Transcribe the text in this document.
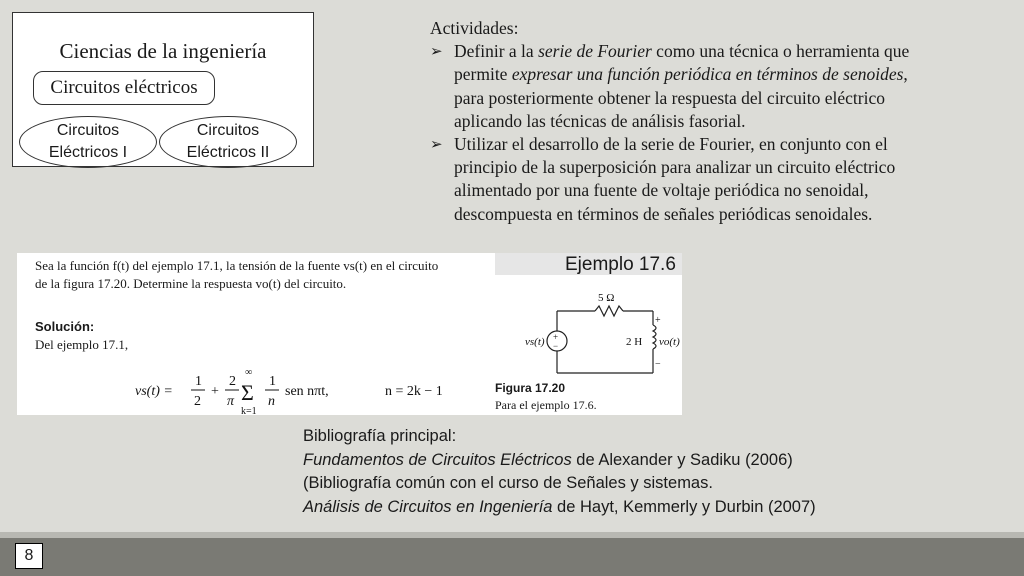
Ciencias de la ingeniería
Circuitos eléctricos
Circuitos
Eléctricos I
Circuitos
Eléctricos II
Actividades:
➢ Definir a la serie de Fourier como una técnica o herramienta que permite expresar una función periódica en términos de senoides, para posteriormente obtener la respuesta del circuito eléctrico aplicando las técnicas de análisis fasorial.
➢ Utilizar el desarrollo de la serie de Fourier, en conjunto con el principio de la superposición para analizar un circuito eléctrico alimentado por una fuente de voltaje periódica no senoidal, descompuesta en términos de señales periódicas senoidales.
Ejemplo 17.6
Sea la función f(t) del ejemplo 17.1, la tensión de la fuente vs(t) en el circuito
de la figura 17.20. Determine la respuesta vo(t) del circuito.
Solución:
Del ejemplo 17.1,
vs(t) =
1
2
+
2
π
∞
Σ
k=1
1
n
sen nπt,	n = 2k − 1
5 Ω
2 H
vs(t)	vo(t)
+
−
+
−
Figura 17.20
Para el ejemplo 17.6.
Bibliografía principal:
Fundamentos de Circuitos Eléctricos de Alexander y Sadiku (2006)
(Bibliografía común con el curso de Señales y sistemas.
Análisis de Circuitos en Ingeniería de Hayt, Kemmerly y Durbin (2007)
8
